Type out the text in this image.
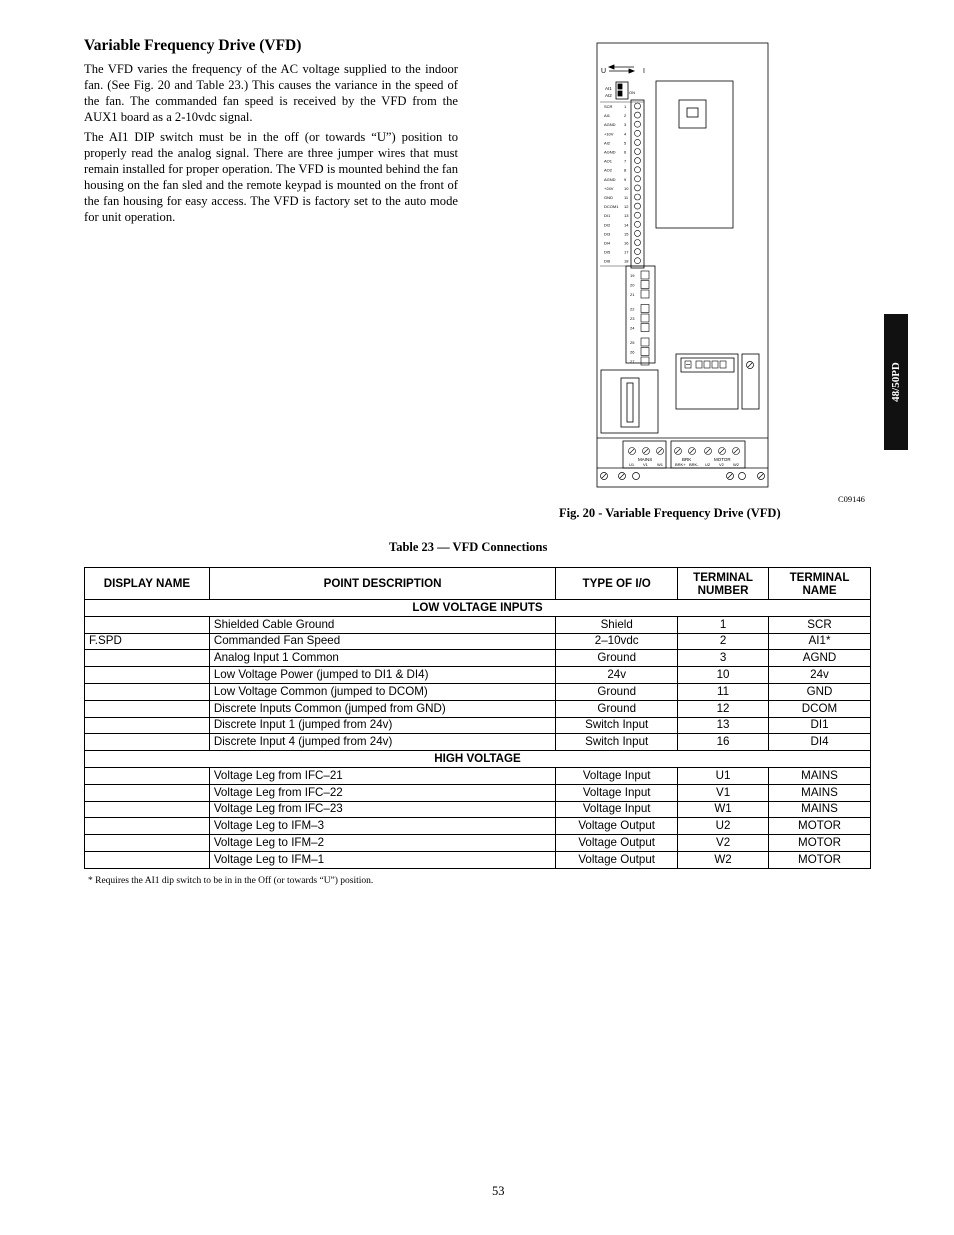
Variable Frequency Drive (VFD)

The VFD varies the frequency of the AC voltage supplied to the indoor fan. (See Fig. 20 and Table 23.) This causes the variance in the speed of the fan. The commanded fan speed is received by the VFD from the AUX1 board as a 2-10vdc signal.

The AI1 DIP switch must be in the off (or towards “U”) position to properly read the analog signal. There are three jumper wires that must remain installed for proper operation. The VFD is mounted behind the fan housing on the fan sled and the remote keypad is mounted on the front of the fan housing for easy access. The VFD is factory set to the auto mode for unit operation.

U	I
AI1
AI2
ON
SCR	1
AI1	2
AGND 3
+10V	4
AI2	5
AGND 6
AO1	7
AO2	8
AGND 9
+24V	10
GND	11
DCOM1 12
DI1	13
DI2	14
DI3	15
DI4	16
DI5	17
DI6	18
19
20
21
22
23
24
25
26
27
U1 V1 W1	BRK+ BRK- U2 V2 W2
MAINS	BRK	MOTOR
C09146
Fig. 20 - Variable Frequency Drive (VFD)
48/50PD
Table 23 — VFD Connections
DISPLAY NAME	POINT DESCRIPTION	TYPE OF I/O	TERMINAL NUMBER	TERMINAL NAME
LOW VOLTAGE INPUTS				
	Shielded Cable Ground	Shield	1	SCR
F.SPD	Commanded Fan Speed	2–10vdc	2	AI1*
	Analog Input 1 Common	Ground	3	AGND
	Low Voltage Power (jumped to DI1 & DI4)	24v	10	24v
	Low Voltage Common (jumped to DCOM)	Ground	11	GND
	Discrete Inputs Common (jumped from GND)	Ground	12	DCOM
	Discrete Input 1 (jumped from 24v)	Switch Input	13	DI1
	Discrete Input 4 (jumped from 24v)	Switch Input	16	DI4
HIGH VOLTAGE				
	Voltage Leg from IFC–21	Voltage Input	U1	MAINS
	Voltage Leg from IFC–22	Voltage Input	V1	MAINS
	Voltage Leg from IFC–23	Voltage Input	W1	MAINS
	Voltage Leg to IFM–3	Voltage Output	U2	MOTOR
	Voltage Leg to IFM–2	Voltage Output	V2	MOTOR
	Voltage Leg to IFM–1	Voltage Output	W2	MOTOR
* Requires the AI1 dip switch to be in in the Off (or towards “U”) position.
53
